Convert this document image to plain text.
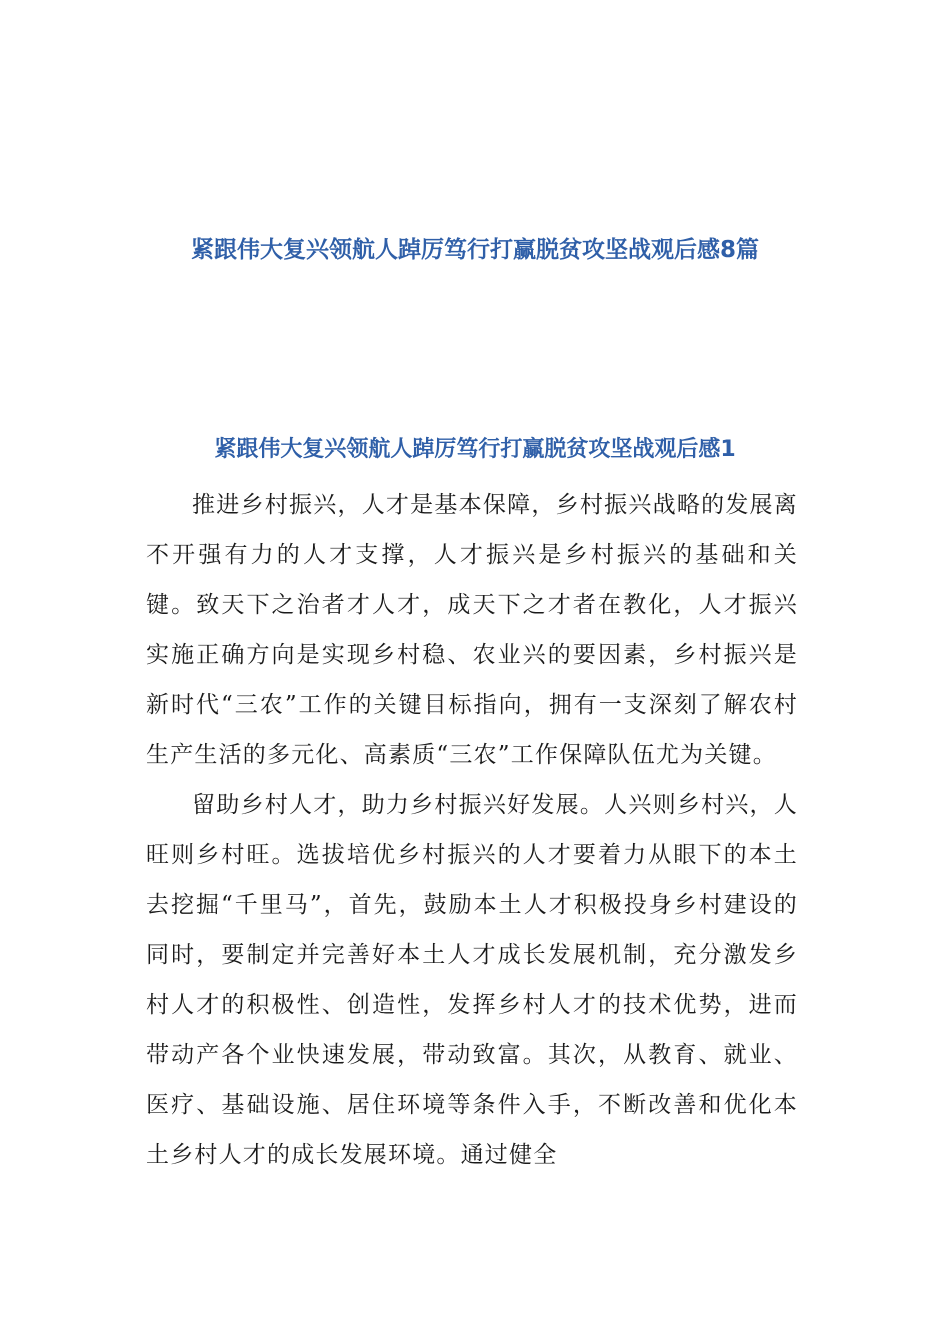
紧跟伟大复兴领航人踔厉笃行打赢脱贫攻坚战观后感8篇
紧跟伟大复兴领航人踔厉笃行打赢脱贫攻坚战观后感1

推进乡村振兴，人才是基本保障，乡村振兴战略的发展离不开强有力的人才支撑，人才振兴是乡村振兴的基础和关键。致天下之治者才人才，成天下之才者在教化，人才振兴实施正确方向是实现乡村稳、农业兴的要因素，乡村振兴是新时代“三农”工作的关键目标指向，拥有一支深刻了解农村生产生活的多元化、高素质“三农”工作保障队伍尤为关键。

留助乡村人才，助力乡村振兴好发展。人兴则乡村兴，人旺则乡村旺。选拔培优乡村振兴的人才要着力从眼下的本土去挖掘“千里马”，首先，鼓励本土人才积极投身乡村建设的同时，要制定并完善好本土人才成长发展机制，充分激发乡村人才的积极性、创造性，发挥乡村人才的技术优势，进而带动产各个业快速发展，带动致富。其次，从教育、就业、医疗、基础设施、居住环境等条件入手，不断改善和优化本土乡村人才的成长发展环境。通过健全
